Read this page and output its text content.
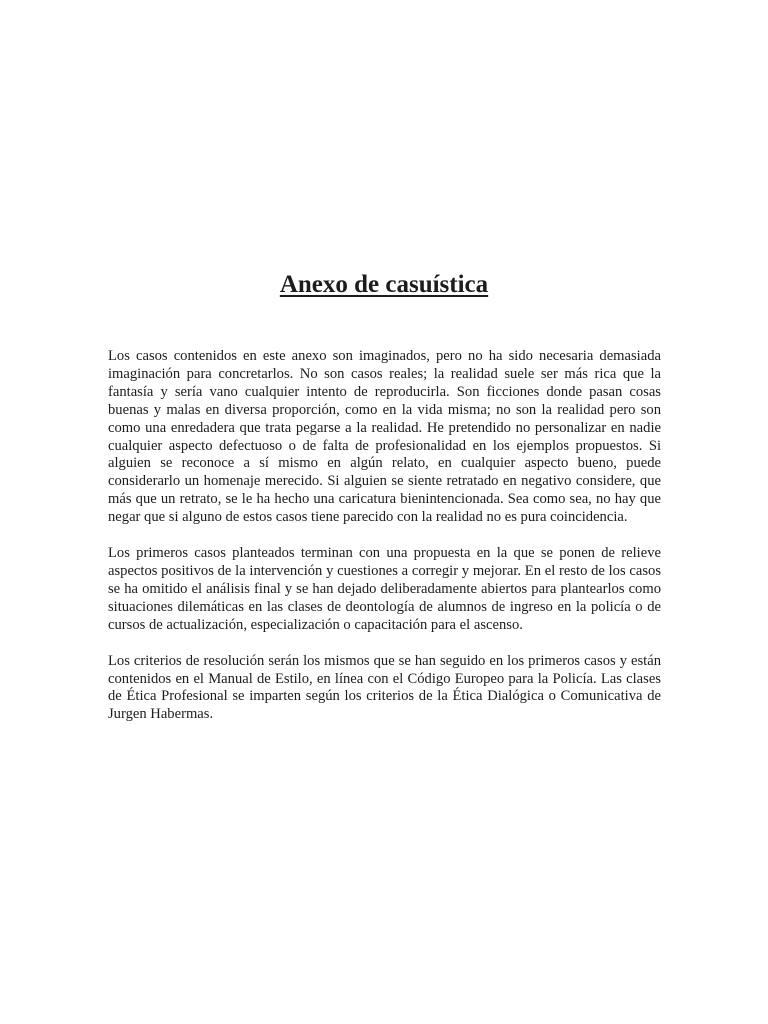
Anexo de casuística

Los casos contenidos en este anexo son imaginados, pero no ha sido necesaria demasiada imaginación para concretarlos. No son casos reales; la realidad suele ser más rica que la fantasía y sería vano cualquier intento de reproducirla. Son ficciones donde pasan cosas buenas y malas en diversa proporción, como en la vida misma; no son la realidad pero son como una enredadera que trata pegarse a la realidad. He pretendido no personalizar en nadie cualquier aspecto defectuoso o de falta de profesionalidad en los ejemplos propuestos. Si alguien se reconoce a sí mismo en algún relato, en cualquier aspecto bueno, puede considerarlo un homenaje merecido. Si alguien se siente retratado en negativo considere, que más que un retrato, se le ha hecho una caricatura bienintencionada. Sea como sea, no hay que negar que si alguno de estos casos tiene parecido con la realidad no es pura coincidencia.

Los primeros casos planteados terminan con una propuesta en la que se ponen de relieve aspectos positivos de la intervención y cuestiones a corregir y mejorar. En el resto de los casos se ha omitido el análisis final y se han dejado deliberadamente abiertos para plantearlos como situaciones dilemáticas en las clases de deontología de alumnos de ingreso en la policía o de cursos de actualización, especialización o capacitación para el ascenso.

Los criterios de resolución serán los mismos que se han seguido en los primeros casos y están contenidos en el Manual de Estilo, en línea con el Código Europeo para la Policía. Las clases de Ética Profesional se imparten según los criterios de la Ética Dialógica o Comunicativa de Jurgen Habermas.
